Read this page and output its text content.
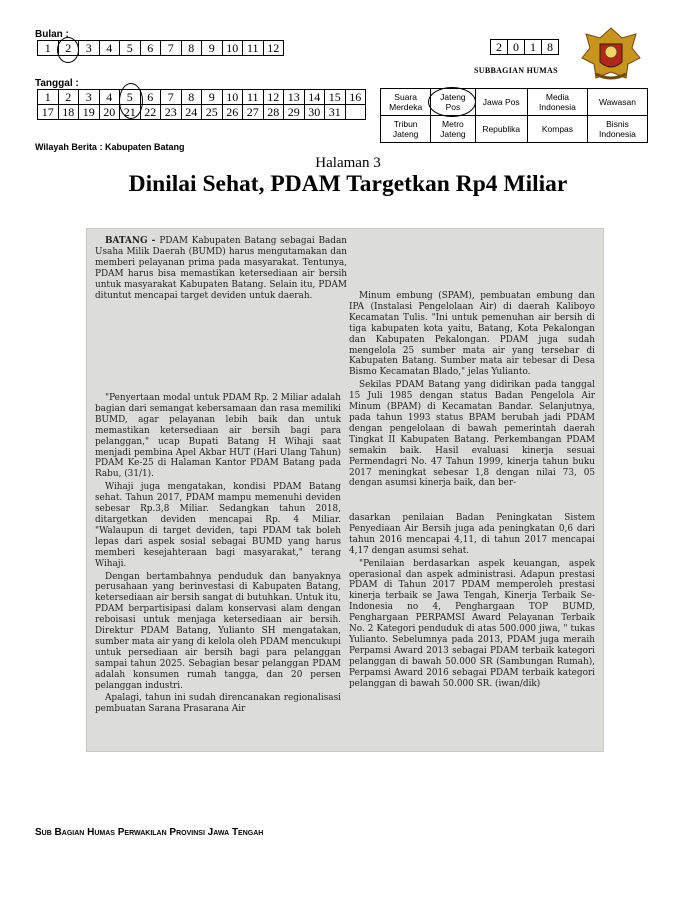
Bulan :
1	2	3	4	5	6	7	8	9	10	11	12
Tanggal :
1	2	3	4	5	6	7	8	9	10	11	12	13	14	15	16
17	18	19	20	21	22	23	24	25	26	27	28	29	30	31	
2	0	1	8
SUBBAGIAN HUMAS
Suara Merdeka	Jateng Pos	Jawa Pos	Media Indonesia	Wawasan
Tribun Jateng	Metro Jateng	Republika	Kompas	Bisnis Indonesia
Wilayah Berita : Kabupaten Batang
Halaman 3
Dinilai Sehat, PDAM Targetkan Rp4 Miliar

BATANG - PDAM Kabupaten Batang sebagai Badan Usaha Milik Daerah (BUMD) harus mengutamakan dan memberi pelayanan prima pada masyarakat. Tentunya, PDAM harus bisa memastikan ketersediaan air bersih untuk masyarakat Kabupaten Batang. Selain itu, PDAM dituntut mencapai target deviden untuk daerah.

"Penyertaan modal untuk PDAM Rp. 2 Miliar adalah bagian dari semangat kebersamaan dan rasa memiliki BUMD, agar pelayanan lebih baik dan untuk memastikan ketersediaan air bersih bagi para pelanggan," ucap Bupati Batang H Wihaji saat menjadi pembina Apel Akbar HUT (Hari Ulang Tahun) PDAM Ke-25 di Halaman Kantor PDAM Batang pada Rabu, (31/1).

Wihaji juga mengatakan, kondisi PDAM Batang sehat. Tahun 2017, PDAM mampu memenuhi deviden sebesar Rp.3,8 Miliar. Sedangkan tahun 2018, ditargetkan deviden mencapai Rp. 4 Miliar. "Walaupun di target deviden, tapi PDAM tak boleh lepas dari aspek sosial sebagai BUMD yang harus memberi kesejahteraan bagi masyarakat," terang Wihaji.

Dengan bertambahnya penduduk dan banyaknya perusahaan yang berinvestasi di Kabupaten Batang, ketersediaan air bersih sangat di butuhkan. Untuk itu, PDAM berpartisipasi dalam konservasi alam dengan reboisasi untuk menjaga ketersediaan air bersih. Direktur PDAM Batang, Yulianto SH mengatakan, sumber mata air yang di kelola oleh PDAM mencukupi untuk persediaan air bersih bagi para pelanggan sampai tahun 2025. Sebagian besar pelanggan PDAM adalah konsumen rumah tangga, dan 20 persen pelanggan industri.

Apalagi, tahun ini sudah direncanakan regionalisasi pembuatan Sarana Prasarana Air

Minum embung (SPAM), pembuatan embung dan IPA (Instalasi Pengelolaan Air) di daerah Kaliboyo Kecamatan Tulis. "Ini untuk pemenuhan air bersih di tiga kabupaten kota yaitu, Batang, Kota Pekalongan dan Kabupaten Pekalongan. PDAM juga sudah mengelola 25 sumber mata air yang tersebar di Kabupaten Batang. Sumber mata air tebesar di Desa Bismo Kecamatan Blado," jelas Yulianto.

Sekilas PDAM Batang yang didirikan pada tanggal 15 Juli 1985 dengan status Badan Pengelola Air Minum (BPAM) di Kecamatan Bandar. Selanjutnya, pada tahun 1993 status BPAM berubah jadi PDAM dengan pengelolaan di bawah pemerintah daerah Tingkat II Kabupaten Batang. Perkembangan PDAM semakin baik. Hasil evaluasi kinerja sesuai Permendagri No. 47 Tahun 1999, kinerja tahun buku 2017 meningkat sebesar 1,8 dengan nilai 73, 05 dengan asumsi kinerja baik, dan ber-

dasarkan penilaian Badan Peningkatan Sistem Penyediaan Air Bersih juga ada peningkatan 0,6 dari tahun 2016 mencapai 4,11, di tahun 2017 mencapai 4,17 dengan asumsi sehat.

"Penilaian berdasarkan aspek keuangan, aspek operasional dan aspek administrasi. Adapun prestasi PDAM di Tahun 2017 PDAM memperoleh prestasi kinerja terbaik se Jawa Tengah, Kinerja Terbaik Se- Indonesia no 4, Penghargaan TOP BUMD, Penghargaan PERPAMSI Award Pelayanan Terbaik No. 2 Kategori penduduk di atas 500.000 jiwa, " tukas Yulianto. Sebelumnya pada 2013, PDAM juga meraih Perpamsi Award 2013 sebagai PDAM terbaik kategori pelanggan di bawah 50.000 SR (Sambungan Rumah), Perpamsi Award 2016 sebagai PDAM terbaik kategori pelanggan di bawah 50.000 SR. (iwan/dik)

Sub Bagian Humas Perwakilan Provinsi Jawa Tengah
